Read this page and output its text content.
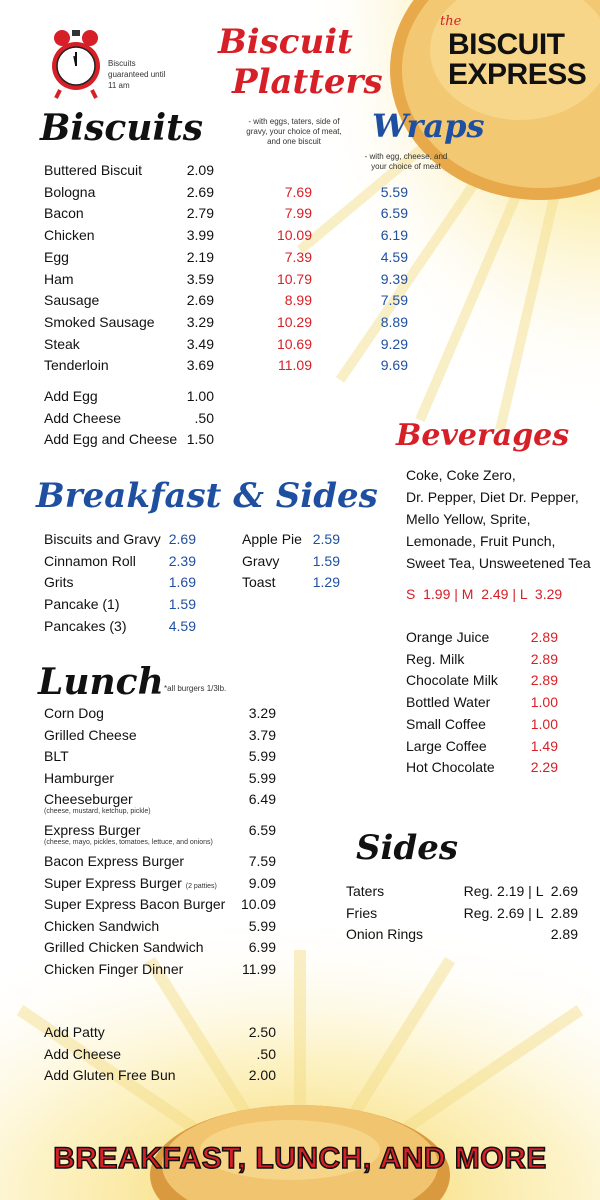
Biscuits guaranteed until 11 am
the
BISCUIT
EXPRESS
Biscuit
Platters
- with eggs, taters, side of gravy, your choice of meat, and one biscuit	Wraps
- with egg, cheese, and your choice of meat
Biscuits
Buttered Biscuit	2.09
Bologna	2.69	7.69	5.59
Bacon	2.79	7.99	6.59
Chicken	3.99	10.09	6.19
Egg	2.19	7.39	4.59
Ham	3.59	10.79	9.39
Sausage	2.69	8.99	7.59
Smoked Sausage	3.29	10.29	8.89
Steak	3.49	10.69	9.29
Tenderloin	3.69	11.09	9.69
Add Egg	1.00
Add Cheese	.50
Add Egg and Cheese 1.50
Breakfast & Sides
Biscuits and Gravy 2.69
Cinnamon Roll	2.39
Grits	1.69
Pancake (1)	1.59
Pancakes (3)	4.59
Apple Pie 2.59
Gravy	1.59
Toast	1.29
Beverages
Coke, Coke Zero,
Dr. Pepper, Diet Dr. Pepper,
Mello Yellow, Sprite,
Lemonade, Fruit Punch,
Sweet Tea, Unsweetened Tea
S  1.99 | M  2.49 | L  3.29
Orange Juice	2.89
Reg. Milk	2.89
Chocolate Milk	2.89
Bottled Water	1.00
Small Coffee	1.00
Large Coffee	1.49
Hot Chocolate	2.29
Lunch *all burgers 1/3lb.
Corn Dog	3.29
Grilled Cheese	3.79
BLT	5.99
Hamburger	5.99
Cheeseburger	6.49
(cheese, mustard, ketchup, pickle)
Express Burger	6.59
(cheese, mayo, pickles, tomatoes, lettuce, and onions)
Bacon Express Burger	7.59
Super Express Burger (2 patties)	9.09
Super Express Bacon Burger	10.09
Chicken Sandwich	5.99
Grilled Chicken Sandwich	6.99
Chicken Finger Dinner	11.99
Add Patty	2.50
Add Cheese	.50
Add Gluten Free Bun	2.00
Sides
Taters	Reg. 2.19 | L  2.69
Fries	Reg. 2.69 | L  2.89
Onion Rings	2.89
BREAKFAST, LUNCH, AND MORE
